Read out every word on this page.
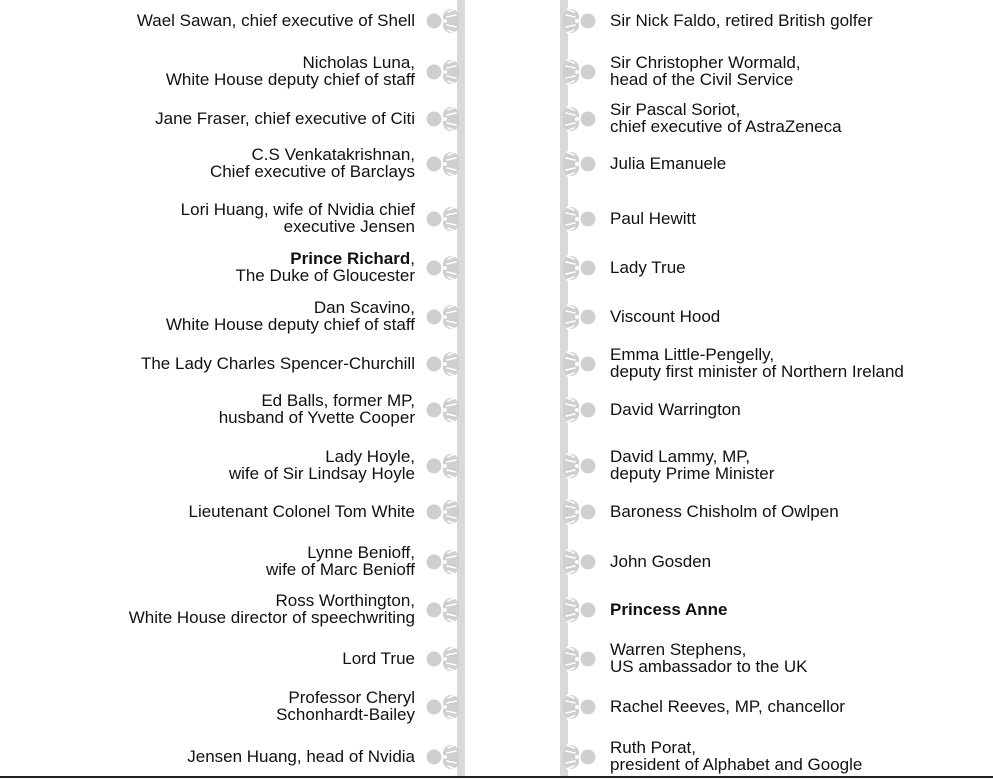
Wael Sawan, chief executive of Shell
Nicholas Luna,
White House deputy chief of staff
Jane Fraser, chief executive of Citi
C.S Venkatakrishnan,
Chief executive of Barclays
Lori Huang, wife of Nvidia chief
executive Jensen
Prince Richard,
The Duke of Gloucester
Dan Scavino,
White House deputy chief of staff
The Lady Charles Spencer-Churchill
Ed Balls, former MP,
husband of Yvette Cooper
Lady Hoyle,
wife of Sir Lindsay Hoyle
Lieutenant Colonel Tom White
Lynne Benioff,
wife of Marc Benioff
Ross Worthington,
White House director of speechwriting
Lord True
Professor Cheryl
Schonhardt-Bailey
Jensen Huang, head of Nvidia
Sir Nick Faldo, retired British golfer
Sir Christopher Wormald,
head of the Civil Service
Sir Pascal Soriot,
chief executive of AstraZeneca
Julia Emanuele
Paul Hewitt
Lady True
Viscount Hood
Emma Little-Pengelly,
deputy first minister of Northern Ireland
David Warrington
David Lammy, MP,
deputy Prime Minister
Baroness Chisholm of Owlpen
John Gosden
Princess Anne
Warren Stephens,
US ambassador to the UK
Rachel Reeves, MP, chancellor
Ruth Porat,
president of Alphabet and Google
